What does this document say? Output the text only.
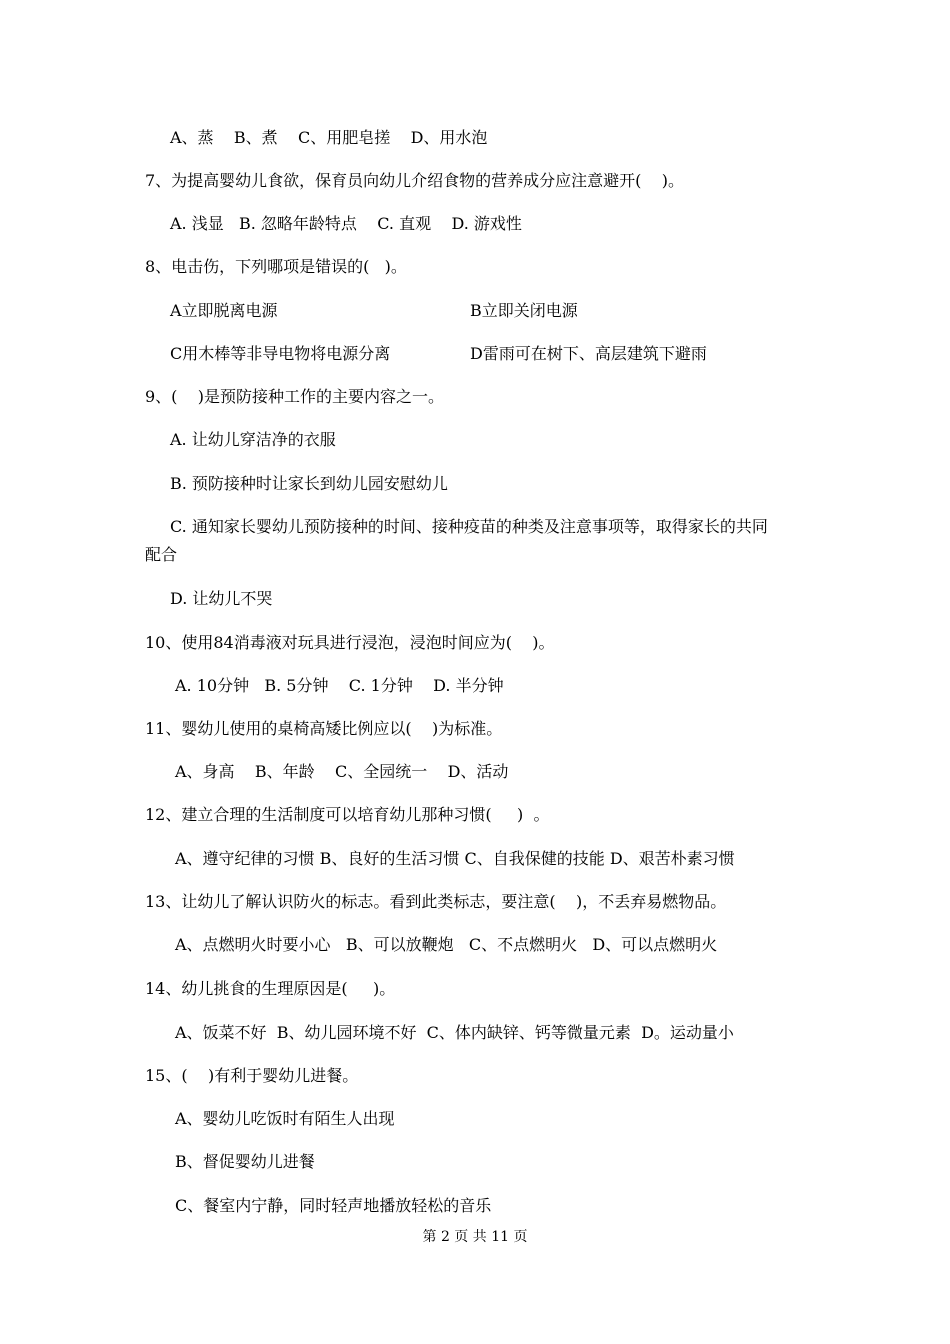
A、蒸    B、煮    C、用肥皂搓    D、用水泡
7、为提高婴幼儿食欲，保育员向幼儿介绍食物的营养成分应注意避开(    )。
A. 浅显   B. 忽略年龄特点    C. 直观    D. 游戏性
8、电击伤，下列哪项是错误的(   )。
A立即脱离电源	B立即关闭电源
C用木棒等非导电物将电源分离	D雷雨可在树下、高层建筑下避雨
9、(    )是预防接种工作的主要内容之一。
A. 让幼儿穿洁净的衣服
B. 预防接种时让家长到幼儿园安慰幼儿
C. 通知家长婴幼儿预防接种的时间、接种疫苗的种类及注意事项等，取得家长的共同
配合
D. 让幼儿不哭
10、使用84消毒液对玩具进行浸泡，浸泡时间应为(    )。
A. 10分钟   B. 5分钟    C. 1分钟    D. 半分钟
11、婴幼儿使用的桌椅高矮比例应以(    )为标准。
A、身高    B、年龄    C、全园统一    D、活动
12、建立合理的生活制度可以培育幼儿那种习惯(     )  。
A、遵守纪律的习惯 B、良好的生活习惯 C、自我保健的技能 D、艰苦朴素习惯
13、让幼儿了解认识防火的标志。看到此类标志，要注意(    )，不丢弃易燃物品。
A、点燃明火时要小心   B、可以放鞭炮   C、不点燃明火   D、可以点燃明火
14、幼儿挑食的生理原因是(     )。
A、饭菜不好  B、幼儿园环境不好  C、体内缺锌、钙等微量元素  D。运动量小
15、(    )有利于婴幼儿进餐。
A、婴幼儿吃饭时有陌生人出现
B、督促婴幼儿进餐
C、餐室内宁静，同时轻声地播放轻松的音乐
第 2 页 共 11 页
